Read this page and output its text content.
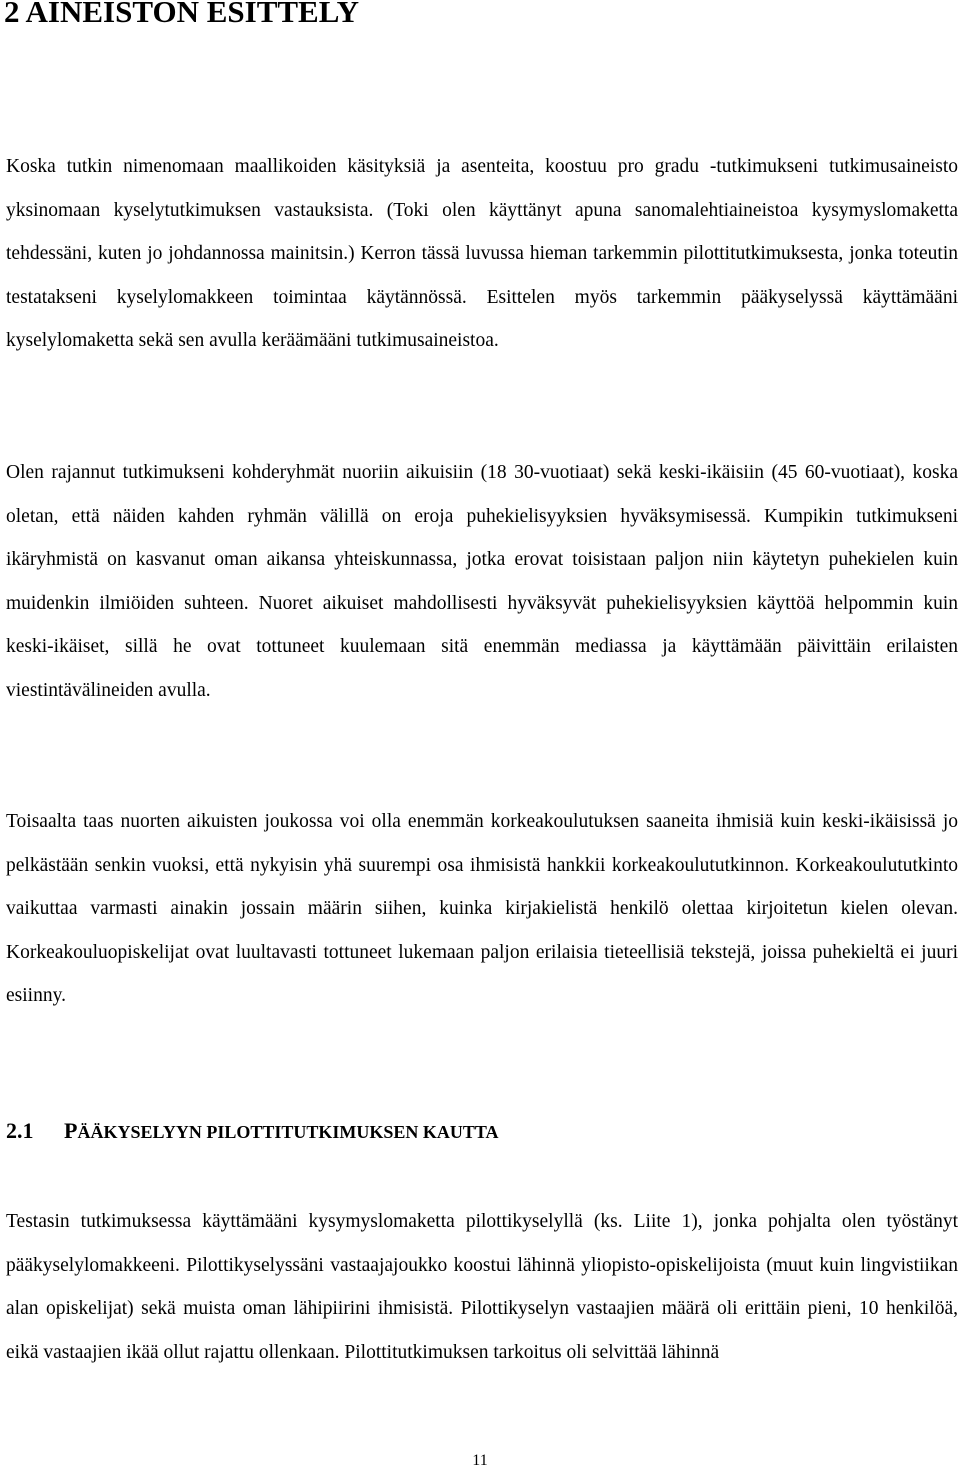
2 AINEISTON ESITTELY

Koska tutkin nimenomaan maallikoiden käsityksiä ja asenteita, koostuu pro gradu -tutkimukseni tutkimusaineisto yksinomaan kyselytutkimuksen vastauksista. (Toki olen käyttänyt apuna sanomalehtiaineistoa kysymyslomaketta tehdessäni, kuten jo johdannossa mainitsin.) Kerron tässä luvussa hieman tarkemmin pilottitutkimuksesta, jonka toteutin testatakseni kyselylomakkeen toimintaa käytännössä. Esittelen myös tarkemmin pääkyselyssä käyttämääni kyselylomaketta sekä sen avulla keräämääni tutkimusaineistoa.

Olen rajannut tutkimukseni kohderyhmät nuoriin aikuisiin (18 30-vuotiaat) sekä keski-ikäisiin (45 60-vuotiaat), koska oletan, että näiden kahden ryhmän välillä on eroja puhekielisyyksien hyväksymisessä. Kumpikin tutkimukseni ikäryhmistä on kasvanut oman aikansa yhteiskunnassa, jotka erovat toisistaan paljon niin käytetyn puhekielen kuin muidenkin ilmiöiden suhteen. Nuoret aikuiset mahdollisesti hyväksyvät puhekielisyyksien käyttöä helpommin kuin keski-ikäiset, sillä he ovat tottuneet kuulemaan sitä enemmän mediassa ja käyttämään päivittäin erilaisten viestintävälineiden avulla.

Toisaalta taas nuorten aikuisten joukossa voi olla enemmän korkeakoulutuksen saaneita ihmisiä kuin keski-ikäisissä jo pelkästään senkin vuoksi, että nykyisin yhä suurempi osa ihmisistä hankkii korkeakoulututkinnon. Korkeakoulututkinto vaikuttaa varmasti ainakin jossain määrin siihen, kuinka kirjakielistä henkilö olettaa kirjoitetun kielen olevan. Korkeakouluopiskelijat ovat luultavasti tottuneet lukemaan paljon erilaisia tieteellisiä tekstejä, joissa puhekieltä ei juuri esiinny.

2.1 PÄÄKYSELYYN PILOTTITUTKIMUKSEN KAUTTA

Testasin tutkimuksessa käyttämääni kysymyslomaketta pilottikyselyllä (ks. Liite 1), jonka pohjalta olen työstänyt pääkyselylomakkeeni. Pilottikyselyssäni vastaajajoukko koostui lähinnä yliopisto-opiskelijoista (muut kuin lingvistiikan alan opiskelijat) sekä muista oman lähipiirini ihmisistä. Pilottikyselyn vastaajien määrä oli erittäin pieni, 10 henkilöä, eikä vastaajien ikää ollut rajattu ollenkaan. Pilottitutkimuksen tarkoitus oli selvittää lähinnä

11
